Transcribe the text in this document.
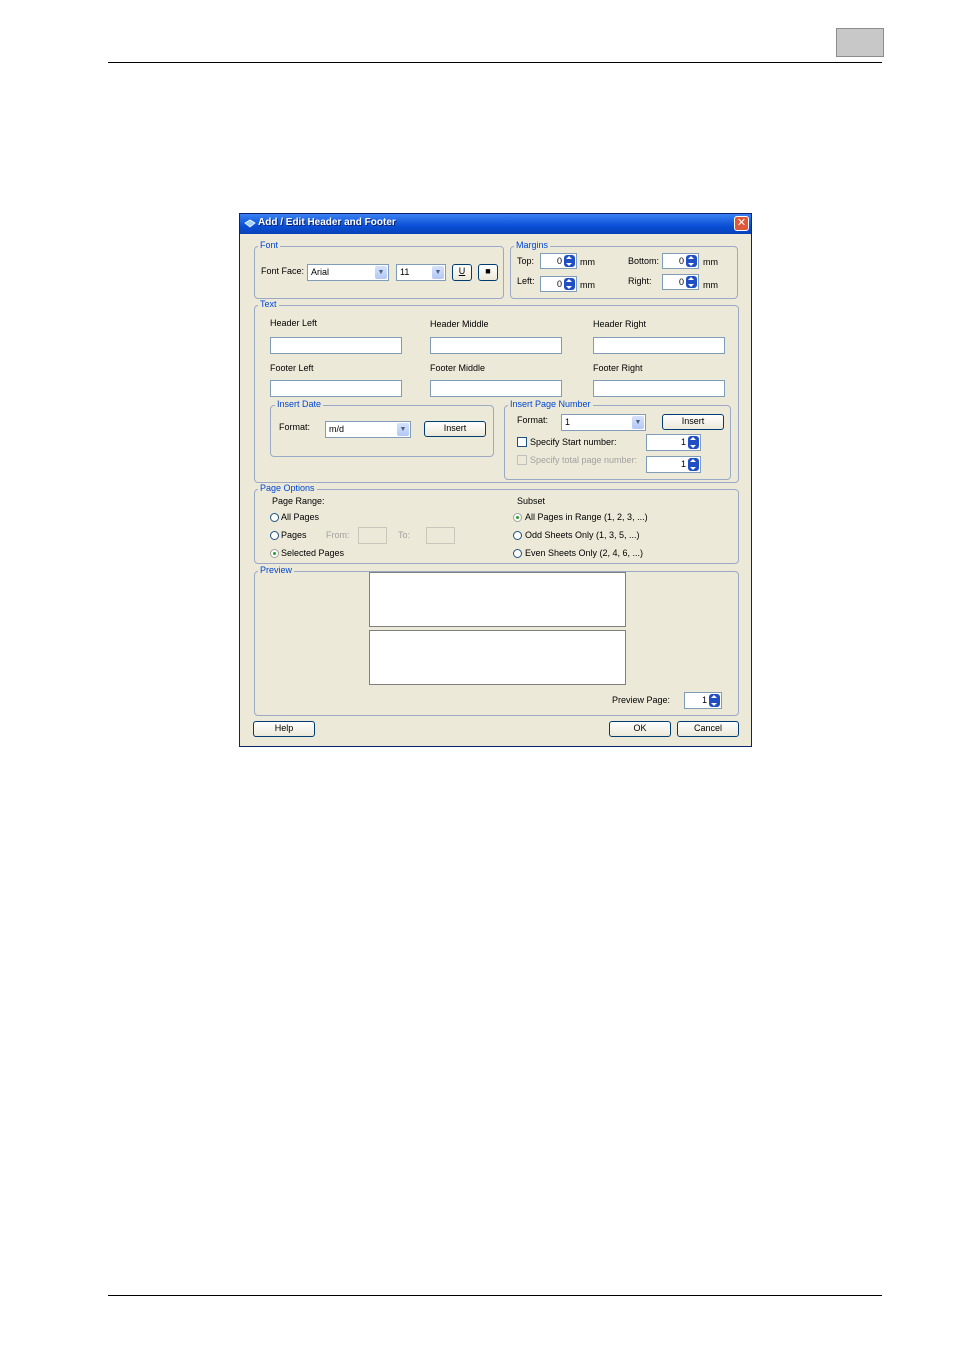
Add / Edit Header and Footer	✕
Font
Font Face: Arial	▼ 11	▼	U	■
Margins
Top:	0 mm
Left: 0 mm
Bottom: 0 mm
Right:	0 mm
Text
Header Left	Header Middle	Header Right
Footer Left	Footer Middle	Footer Right
Insert Date
Format: m/d	▼	Insert
Insert Page Number
Format: 1	▼	Insert
Specify Start number:	1
Specify total page number:	1
Page Options
Page Range:
All Pages
Pages From:	To:
Selected Pages
Subset
All Pages in Range (1, 2, 3, ...)
Odd Sheets Only (1, 3, 5, ...)
Even Sheets Only (2, 4, 6, ...)
Preview
Preview Page:	1
Help	OK	Cancel
